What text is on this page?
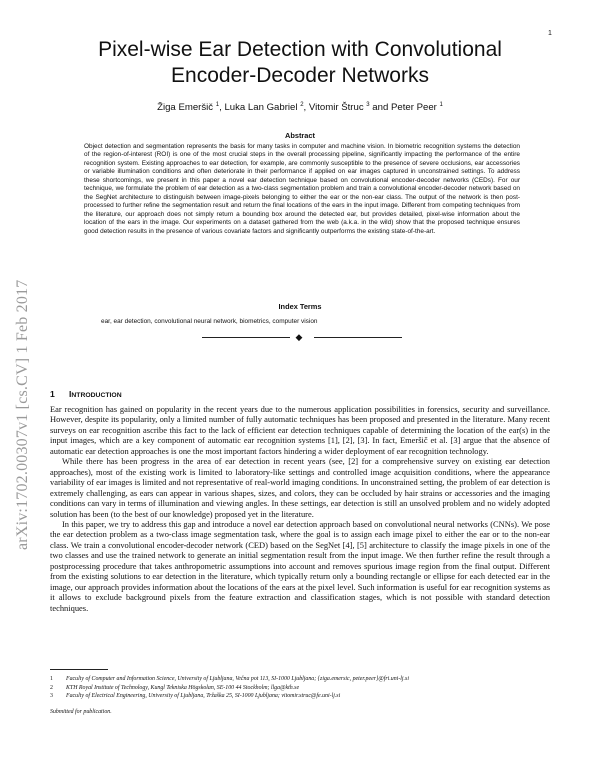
1
arXiv:1702.00307v1 [cs.CV] 1 Feb 2017
Pixel-wise Ear Detection with Convolutional
Encoder-Decoder Networks
Žiga Emeršič $^1$, Luka Lan Gabriel $^2$, Vitomir Štruc $^3$ and Peter Peer $^1$
Abstract
Object detection and segmentation represents the basis for many tasks in computer and machine vision. In biometric recognition systems the detection of the region-of-interest (ROI) is one of the most crucial steps in the overall processing pipeline, significantly impacting the performance of the entire recognition system. Existing approaches to ear detection, for example, are commonly susceptible to the presence of severe occlusions, ear accessories or variable illumination conditions and often deteriorate in their performance if applied on ear images captured in unconstrained settings. To address these shortcomings, we present in this paper a novel ear detection technique based on convolutional encoder-decoder networks (CEDs). For our technique, we formulate the problem of ear detection as a two-class segmentation problem and train a convolutional encoder-decoder network based on the SegNet architecture to distinguish between image-pixels belonging to either the ear or the non-ear class. The output of the network is then post-processed to further refine the segmentation result and return the final locations of the ears in the input image. Different from competing techniques from the literature, our approach does not simply return a bounding box around the detected ear, but provides detailed, pixel-wise information about the location of the ears in the image. Our experiments on a dataset gathered from the web (a.k.a. in the wild) show that the proposed technique ensures good detection results in the presence of various covariate factors and significantly outperforms the existing state-of-the-art.
Index Terms
ear, ear detection, convolutional neural network, biometrics, computer vision
◆
1 INTRODUCTION

Ear recognition has gained on popularity in the recent years due to the numerous application possibilities in forensics, security and surveillance. However, despite its popularity, only a limited number of fully automatic techniques has been proposed and presented in the literature. Many recent surveys on ear recognition ascribe this fact to the lack of efficient ear detection techniques capable of determining the location of the ear(s) in the input images, which are a key component of automatic ear recognition systems [1], [2], [3]. In fact, Emeršič et al. [3] argue that the absence of automatic ear detection approaches is one the most important factors hindering a wider deployment of ear recognition technology.

While there has been progress in the area of ear detection in recent years (see, [2] for a comprehensive survey on existing ear detection approaches), most of the existing work is limited to laboratory-like settings and controlled image acquisition conditions, where the appearance variability of ear images is limited and not representative of real-world imaging conditions. In unconstrained setting, the problem of ear detection is extremely challenging, as ears can appear in various shapes, sizes, and colors, they can be occluded by hair strains or accessories and the imaging conditions can vary in terms of illumination and viewing angles. In these settings, ear detection is still an unsolved problem and no widely adopted solution has been (to the best of our knowledge) proposed yet in the literature.

In this paper, we try to address this gap and introduce a novel ear detection approach based on convolutional neural networks (CNNs). We pose the ear detection problem as a two-class image segmentation task, where the goal is to assign each image pixel to either the ear or to the non-ear class. We train a convolutional encoder-decoder network (CED) based on the SegNet [4], [5] architecture to classify the image pixels in one of the two classes and use the trained network to generate an initial segmentation result from the input image. We then further refine the result through a postprocessing procedure that takes anthropometric assumptions into account and removes spurious image region from the final output. Different from the existing solutions to ear detection in the literature, which typically return only a bounding rectangle or ellipse for each detected ear in the image, our approach provides information about the locations of the ears at the pixel level. Such information is useful for ear recognition systems as it allows to exclude background pixels from the feature extraction and classification stages, which is not possible with standard detection techniques.

1 Faculty of Computer and Information Science, University of Ljubljana, Večna pot 113, SI-1000 Ljubljana; {ziga.emersic, peter.peer}@fri.uni-lj.si
2 KTH Royal Institute of Technology, Kungl Tekniska Högskolan, SE-100 44 Stockholm; llga@kth.se
3 Faculty of Electrical Engineering, University of Ljubljana, Tržaška 25, SI-1000 Ljubljana; vitomir.struc@fe.uni-lj.si
Submitted for publication.
